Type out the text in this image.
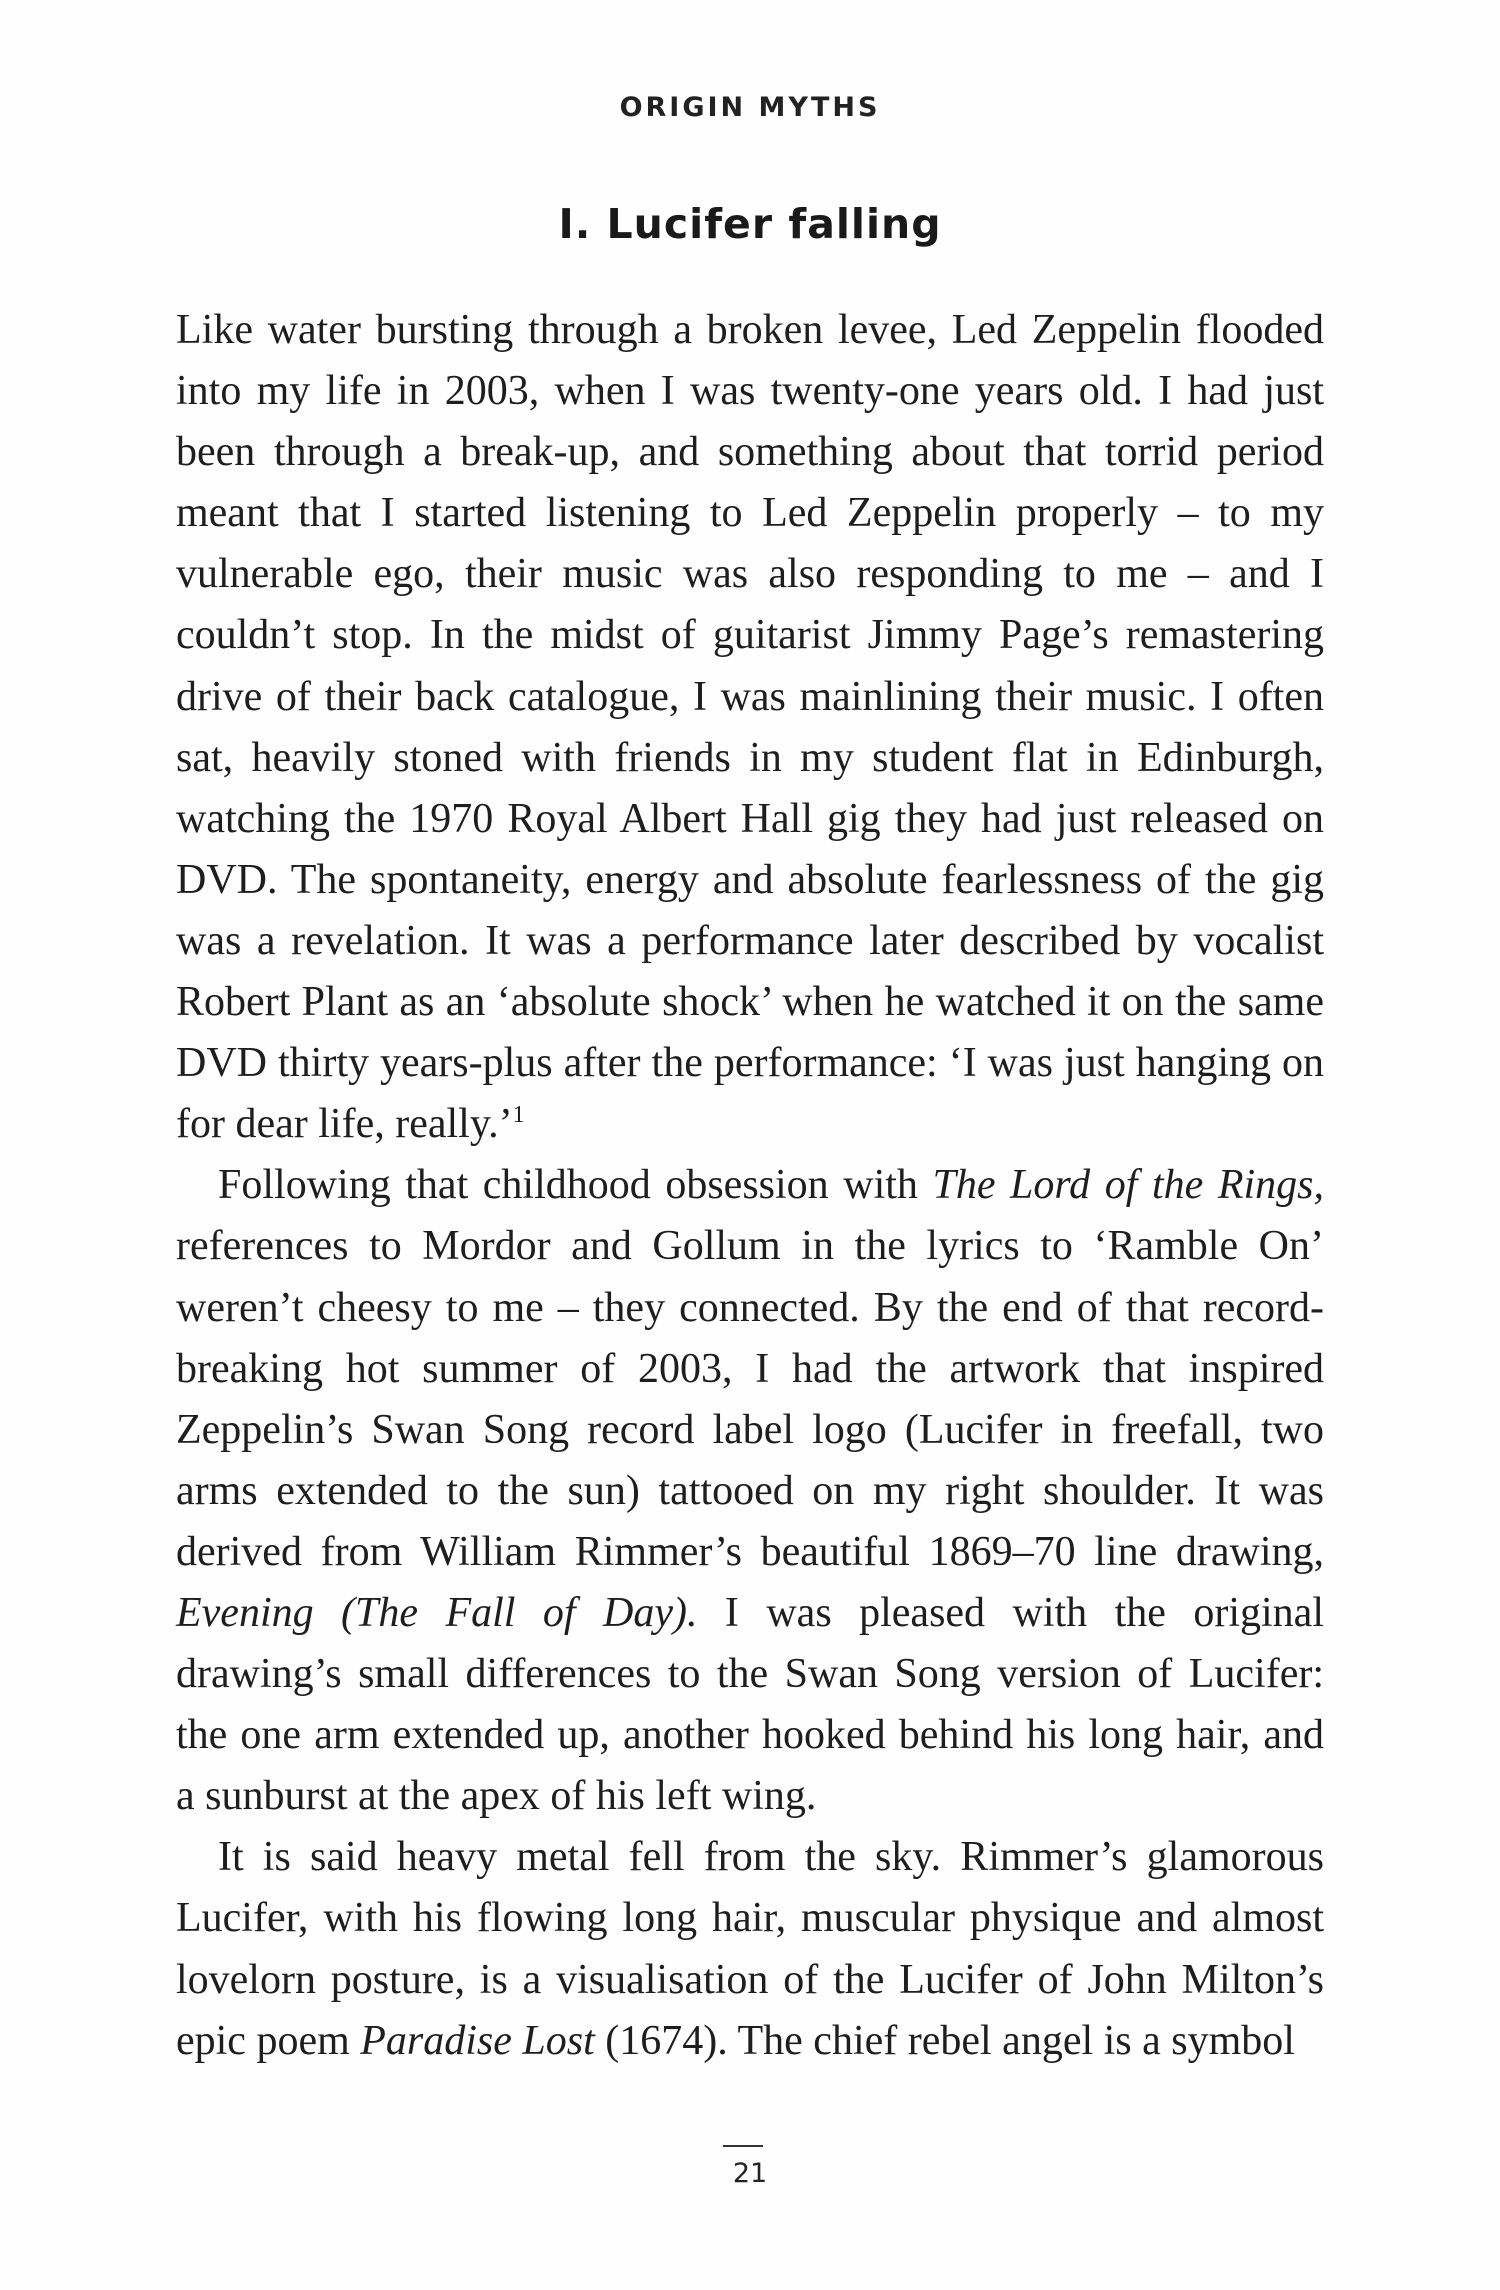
ORIGIN MYTHS
I. Lucifer falling

Like water bursting through a broken levee, Led Zeppelin flooded into my life in 2003, when I was twenty-one years old. I had just been through a break-up, and something about that torrid period meant that I started listening to Led Zeppelin properly – to my vulnerable ego, their music was also responding to me – and I couldn’t stop. In the midst of guitarist Jimmy Page’s remastering drive of their back catalogue, I was mainlining their music. I often sat, heavily stoned with friends in my student flat in Edinburgh, watching the 1970 Royal Albert Hall gig they had just released on DVD. The spontaneity, energy and absolute fearlessness of the gig was a revelation. It was a performance later described by vocalist Robert Plant as an ‘absolute shock’ when he watched it on the same DVD thirty years-plus after the performance: ‘I was just hanging on for dear life, really.’$^1$

Following that childhood obsession with The Lord of the Rings, references to Mordor and Gollum in the lyrics to ‘Ramble On’ weren’t cheesy to me – they connected. By the end of that record-breaking hot summer of 2003, I had the artwork that inspired Zeppelin’s Swan Song record label logo (Lucifer in freefall, two arms extended to the sun) tattooed on my right shoulder. It was derived from William Rimmer’s beautiful 1869–70 line drawing, Evening (The Fall of Day). I was pleased with the original drawing’s small differences to the Swan Song version of Lucifer: the one arm extended up, another hooked behind his long hair, and a sunburst at the apex of his left wing.

It is said heavy metal fell from the sky. Rimmer’s glamorous Lucifer, with his flowing long hair, muscular physique and almost lovelorn posture, is a visualisation of the Lucifer of John Milton’s epic poem Paradise Lost (1674). The chief rebel angel is a symbol

21
